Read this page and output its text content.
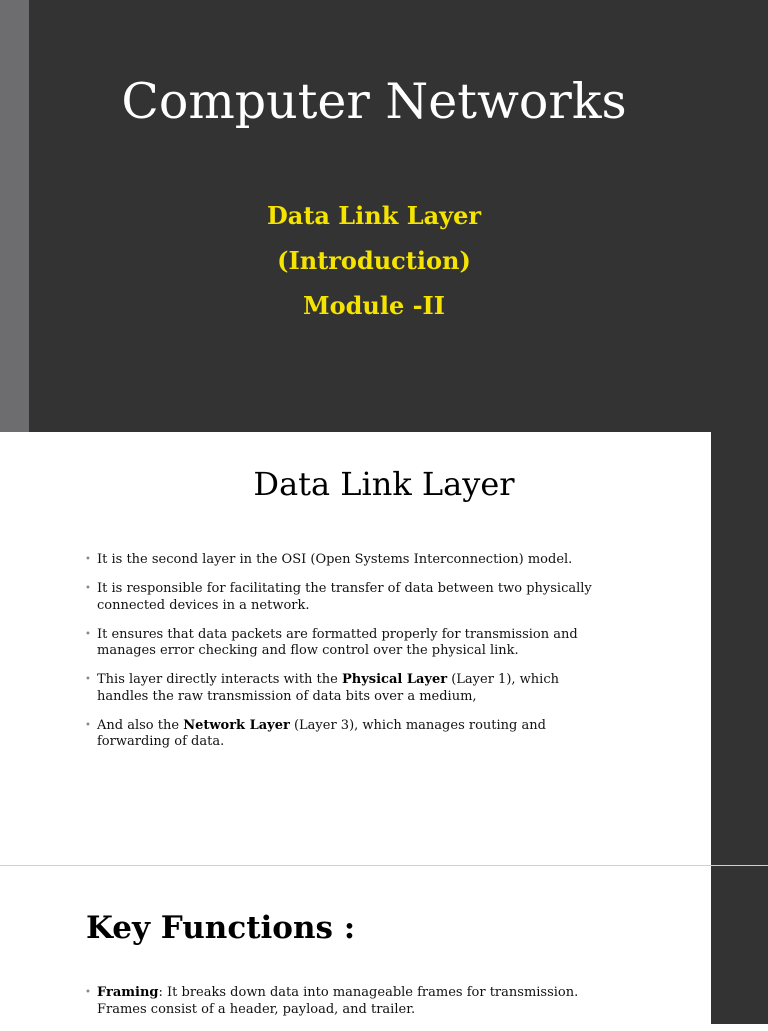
Computer Networks
Data Link Layer
(Introduction)
Module -II
Data Link Layer
• It is the second layer in the OSI (Open Systems Interconnection) model.
• It is responsible for facilitating the transfer of data between two physically
connected devices in a network.
• It ensures that data packets are formatted properly for transmission and
manages error checking and flow control over the physical link.
• This layer directly interacts with the Physical Layer (Layer 1), which
handles the raw transmission of data bits over a medium,
• And also the Network Layer (Layer 3), which manages routing and
forwarding of data.
Key Functions :
• Framing: It breaks down data into manageable frames for transmission.
Frames consist of a header, payload, and trailer.
